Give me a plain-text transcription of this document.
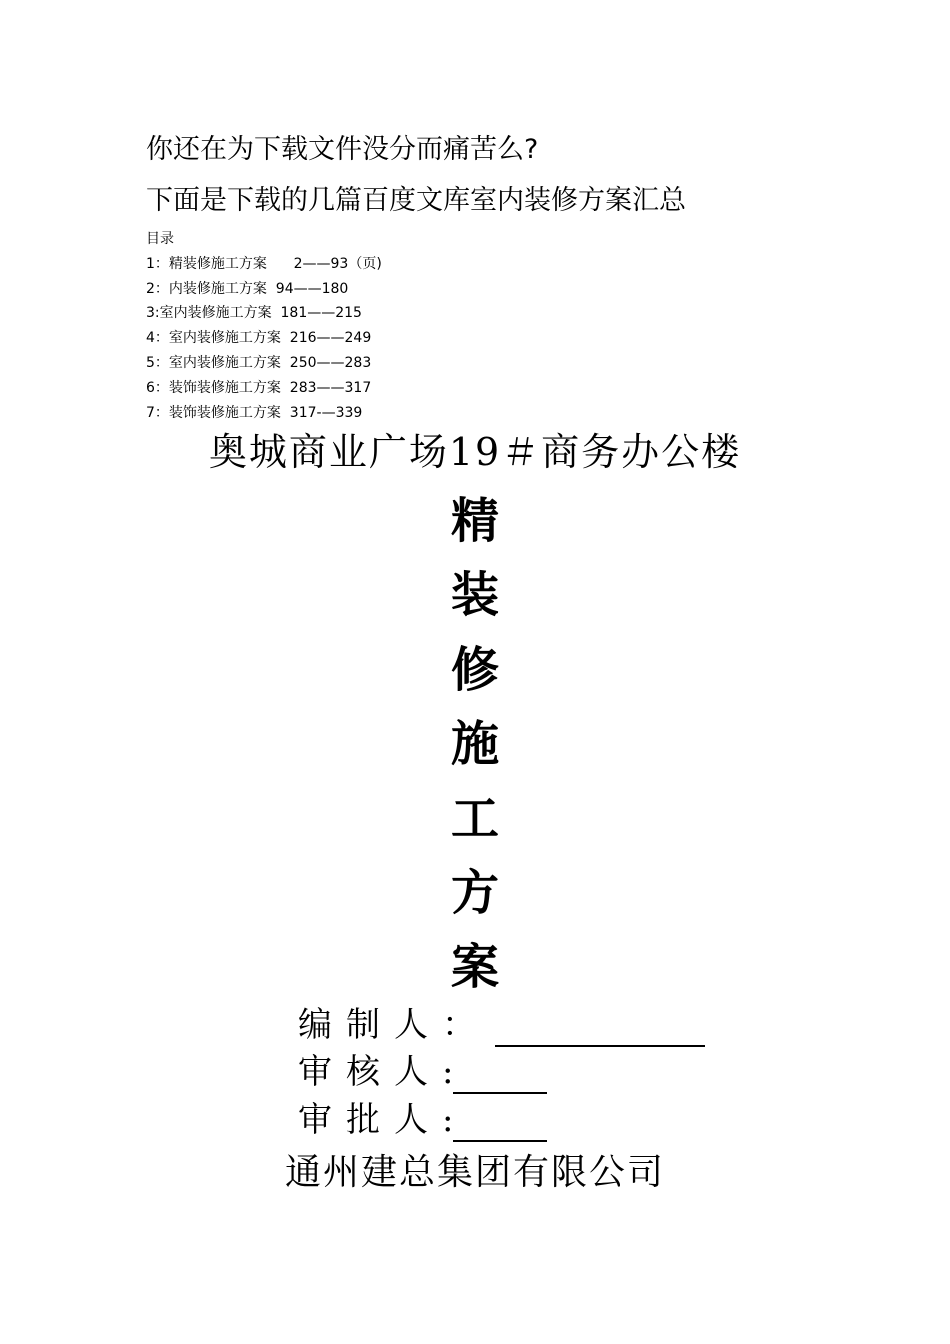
你还在为下载文件没分而痛苦么?
下面是下载的几篇百度文库室内装修方案汇总
目录
1：精装修施工方案      2——93（页)
2：内装修施工方案  94——180
3:室内装修施工方案  181——215
4：室内装修施工方案  216——249
5：室内装修施工方案  250——283
6：装饰装修施工方案  283——317
7：装饰装修施工方案  317-—339
奥城商业广场19＃商务办公楼
精
装
修
施
工
方
案
编制人：
审核人:
审批人:
通州建总集团有限公司
